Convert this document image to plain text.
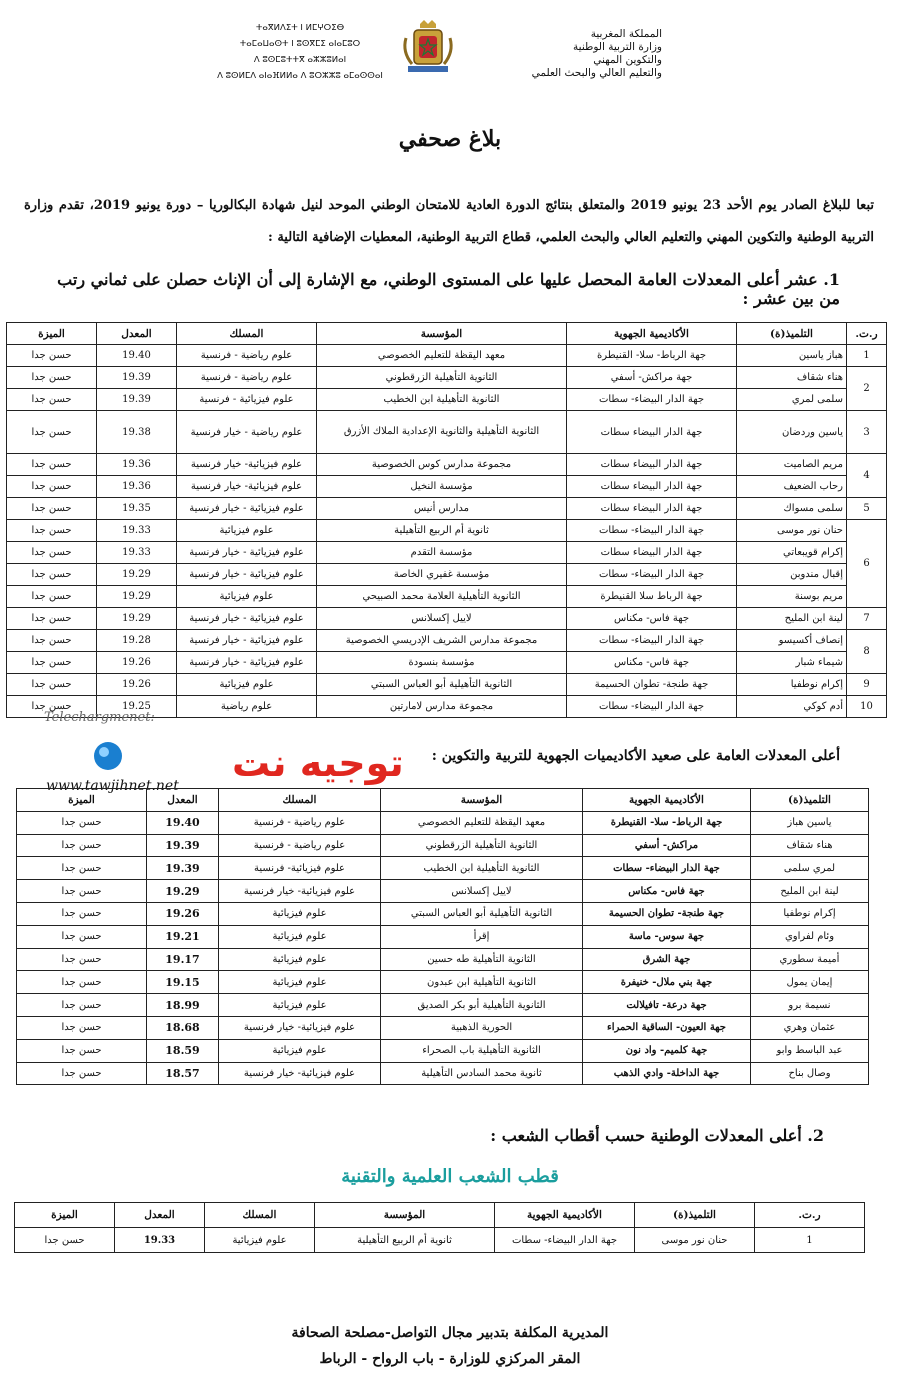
المملكة المغربية
وزارة التربية الوطنية
والتكوين المهني
والتعليم العالي والبحث العلمي
ⵜⴰⴳⵍⴷⵉⵜ ⵏ ⵍⵎⵖⵔⵉⴱ
ⵜⴰⵎⴰⵡⴰⵙⵜ ⵏ ⵓⵙⴳⵎⵉ ⴰⵏⴰⵎⵓⵔ
ⴷ ⵓⵙⵎⵓⵜⵜⴳ ⴰⵣⵣⵓⵍⴰⵏ
ⴷ ⵓⵙⵍⵎⴷ ⴰⵏⴰⴼⵍⵍⴰ ⴷ ⵓⵔⵣⵣⵓ ⴰⵎⴰⵙⵙⴰⵏ
بلاغ صحفي
تبعا للبلاغ الصادر يوم الأحد 23 يونيو 2019 والمتعلق بنتائج الدورة العادية للامتحان الوطني الموحد لنيل شهادة البكالوريا – دورة يونيو 2019، تقدم وزارة التربية الوطنية والتكوين المهني والتعليم العالي والبحث العلمي، قطاع التربية الوطنية، المعطيات الإضافية التالية :
1. عشر أعلى المعدلات العامة المحصل عليها على المستوى الوطني، مع الإشارة إلى أن الإناث حصلن على ثماني رتب من بين عشر :
ر.ت.	التلميذ(ة)	الأكاديمية الجهوية	المؤسسة	المسلك	المعدل	الميزة
1	هباز ياسين	جهة الرباط- سلا- القنيطرة	معهد اليقظة للتعليم الخصوصي	علوم رياضية - فرنسية	19.40	حسن جدا
2	هناء شقاف	جهة مراكش- أسفي	الثانوية التأهيلية الزرقطوني	علوم رياضية - فرنسية	19.39	حسن جدا
	سلمى لمري	جهة الدار البيضاء- سطات	الثانوية التأهيلية ابن الخطيب	علوم فيزيائية - فرنسية	19.39	حسن جدا
3	ياسين وردضان	جهة الدار البيضاء سطات	الثانوية التأهيلية والثانوية الإعدادية الملاك الأزرق	علوم رياضية - خيار فرنسية	19.38	حسن جدا
4	مريم الصاميت	جهة الدار البيضاء سطات	مجموعة مدارس كوس الخصوصية	علوم فيزيائية- خيار فرنسية	19.36	حسن جدا
	رحاب الضعيف	جهة الدار البيضاء سطات	مؤسسة النخيل	علوم فيزيائية- خيار فرنسية	19.36	حسن جدا
5	سلمى مسواك	جهة الدار البيضاء سطات	مدارس أنيس	علوم فيزيائية - خيار فرنسية	19.35	حسن جدا
6	حنان نور موسى	جهة الدار البيضاء- سطات	ثانوية أم الربيع التأهيلية	علوم فيزيائية	19.33	حسن جدا
	إكرام قويبعاتي	جهة الدار البيضاء سطات	مؤسسة التقدم	علوم فيزيائية - خيار فرنسية	19.33	حسن جدا
	إقبال مندوبن	جهة الدار البيضاء- سطات	مؤسسة غفيري الخاصة	علوم فيزيائية - خيار فرنسية	19.29	حسن جدا
	مريم بوسنة	جهة الرباط سلا القنيطرة	الثانوية التأهيلية العلامة محمد الصبيحي	علوم فيزيائية	19.29	حسن جدا
7	لينة ابن المليح	جهة فاس- مكناس	لاييل إكسلانس	علوم فيزيائية - خيار فرنسية	19.29	حسن جدا
8	إنصاف أكسيسو	جهة الدار البيضاء- سطات	مجموعة مدارس الشريف الإدريسي الخصوصية	علوم فيزيائية - خيار فرنسية	19.28	حسن جدا
	شيماء شبار	جهة فاس- مكناس	مؤسسة بنسودة	علوم فيزيائية - خيار فرنسية	19.26	حسن جدا
9	إكرام نوطفيا	جهة طنجة- تطوان الحسيمة	الثانوية التأهيلية أبو العباس السبتي	علوم فيزيائية	19.26	حسن جدا
10	أدم كوكي	جهة الدار البيضاء- سطات	مجموعة مدارس لامارتين	علوم رياضية	19.25	حسن جدا
توجيه نت
Telechargmenet:
www.tawjihnet.net
أعلى المعدلات العامة على صعيد الأكاديميات الجهوية للتربية والتكوين :
التلميذ(ة)	الأكاديمية الجهوية	المؤسسة	المسلك	المعدل	الميزة
ياسين هباز	جهة الرباط- سلا- القنيطرة	معهد اليقظة للتعليم الخصوصي	علوم رياضية - فرنسية	19.40	حسن جدا
هناء شقاف	مراكش- أسفي	الثانوية التأهيلية الزرقطوني	علوم رياضية - فرنسية	19.39	حسن جدا
لمري سلمى	جهة الدار البيضاء- سطات	الثانوية التأهيلية ابن الخطيب	علوم فيزيائية- فرنسية	19.39	حسن جدا
لينة ابن المليح	جهة فاس- مكناس	لاييل إكسلانس	علوم فيزيائية- خيار فرنسية	19.29	حسن جدا
إكرام نوطفيا	جهة طنجة- تطوان الحسيمة	الثانوية التأهيلية أبو العباس السبتي	علوم فيزيائية	19.26	حسن جدا
وئام لفراوي	جهة سوس- ماسة	إقرأ	علوم فيزيائية	19.21	حسن جدا
أميمة سطوري	جهة الشرق	الثانوية التأهيلية طه حسين	علوم فيزيائية	19.17	حسن جدا
إيمان يمول	جهة بني ملال- خنيفرة	الثانوية التأهيلية ابن عبدون	علوم فيزيائية	19.15	حسن جدا
نسيمة برو	جهة درعة- تافيلالت	الثانوية التأهيلية أبو بكر الصديق	علوم فيزيائية	18.99	حسن جدا
عثمان وهري	جهة العيون- الساقية الحمراء	الحورية الذهبية	علوم فيزيائية- خيار فرنسية	18.68	حسن جدا
عبد الباسط وابو	جهة كلميم- واد نون	الثانوية التأهيلية باب الصحراء	علوم فيزيائية	18.59	حسن جدا
وصال بناح	جهة الداخلة- وادي الذهب	ثانوية محمد السادس التأهيلية	علوم فيزيائية- خيار فرنسية	18.57	حسن جدا
2. أعلى المعدلات الوطنية حسب أقطاب الشعب :
قطب الشعب العلمية والتقنية
ر.ت.	التلميذ(ة)	الأكاديمية الجهوية	المؤسسة	المسلك	المعدل	الميزة
1	حنان نور موسى	جهة الدار البيضاء- سطات	ثانوية أم الربيع التأهيلية	علوم فيزيائية	19.33	حسن جدا
المديرية المكلفة بتدبير مجال التواصل-مصلحة الصحافة
المقر المركزي للوزارة - باب الرواح - الرباط
